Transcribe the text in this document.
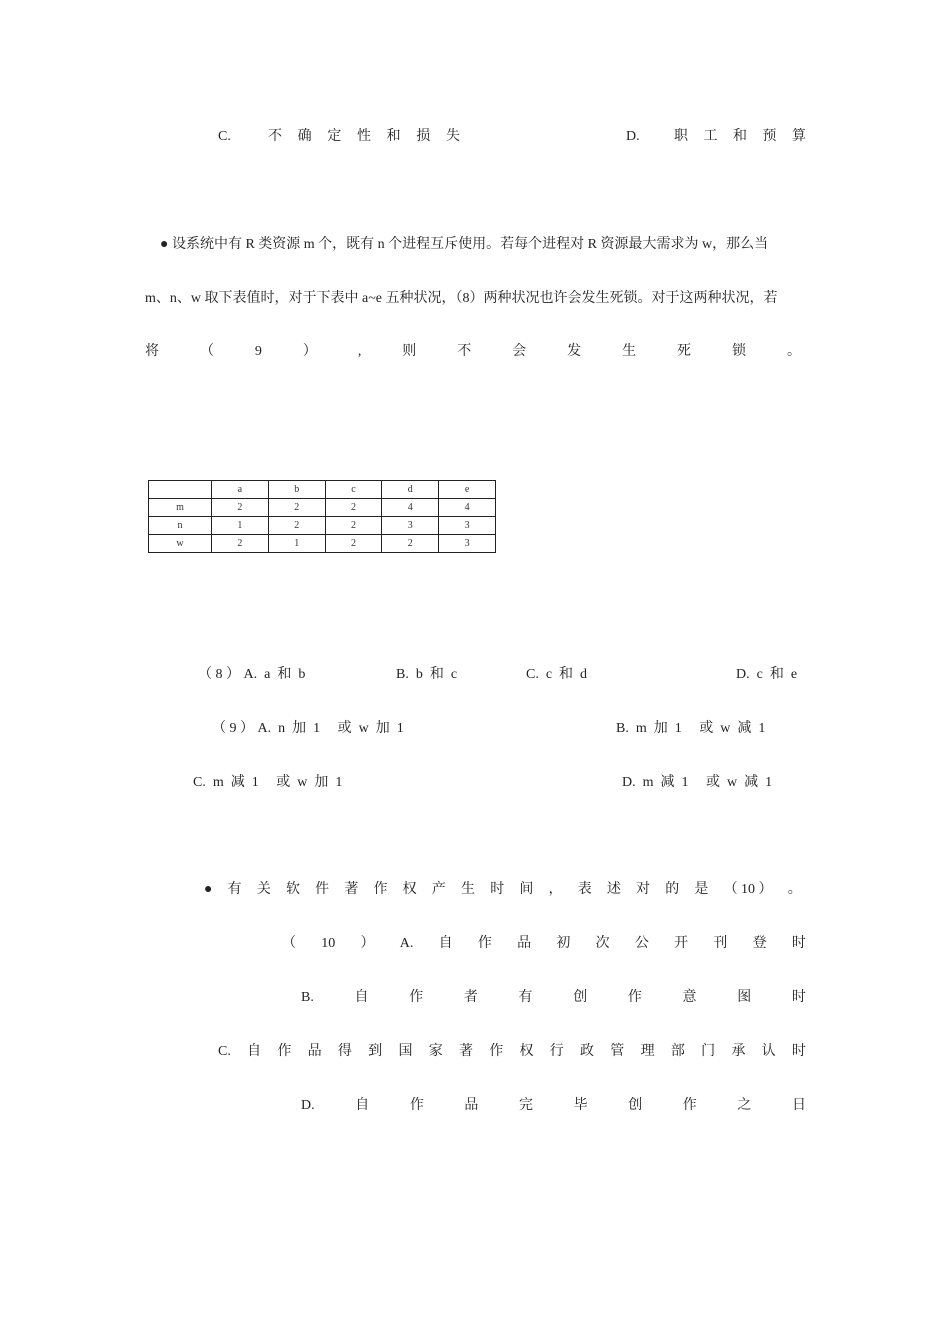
C.	不 确 定 性 和 损 失	D. 职 工 和 预 算
● 设系统中有 R 类资源 m 个，既有 n 个进程互斥使用。若每个进程对 R 资源最大需求为 w，那么当
m、n、w 取下表值时，对于下表中 a~e 五种状况，（8）两种状况也许会发生死锁。对于这两种状况，若
将	（	9	）	,	则	不	会	发	生	死	锁	。
	a	b	c	d	e
m	2	2	2	4	4
n	1	2	2	3	3
w	2	1	2	2	3
（ 8 ） A.  a  和  b	B.  b  和  c	C.  c  和  d	D.  c  和  e
（ 9 ） A.  n  加  1     或  w  加  1	B.  m  加  1     或  w  减  1
C.  m  减  1     或  w  加  1	D.  m  减  1     或  w  减  1
● 有 关 软 件 著 作 权 产 生 时 间 ， 表 述 对 的 是 （ 10 ） 。
（ 10 ） A. 自 作 品 初 次 公 开 刊 登 时
B.	自	作	者	有	创	作	意	图	时
C. 自 作 品 得 到 国 家 著 作 权 行 政 管 理 部 门 承 认 时
D.	自	作	品	完	毕	创	作	之	日
